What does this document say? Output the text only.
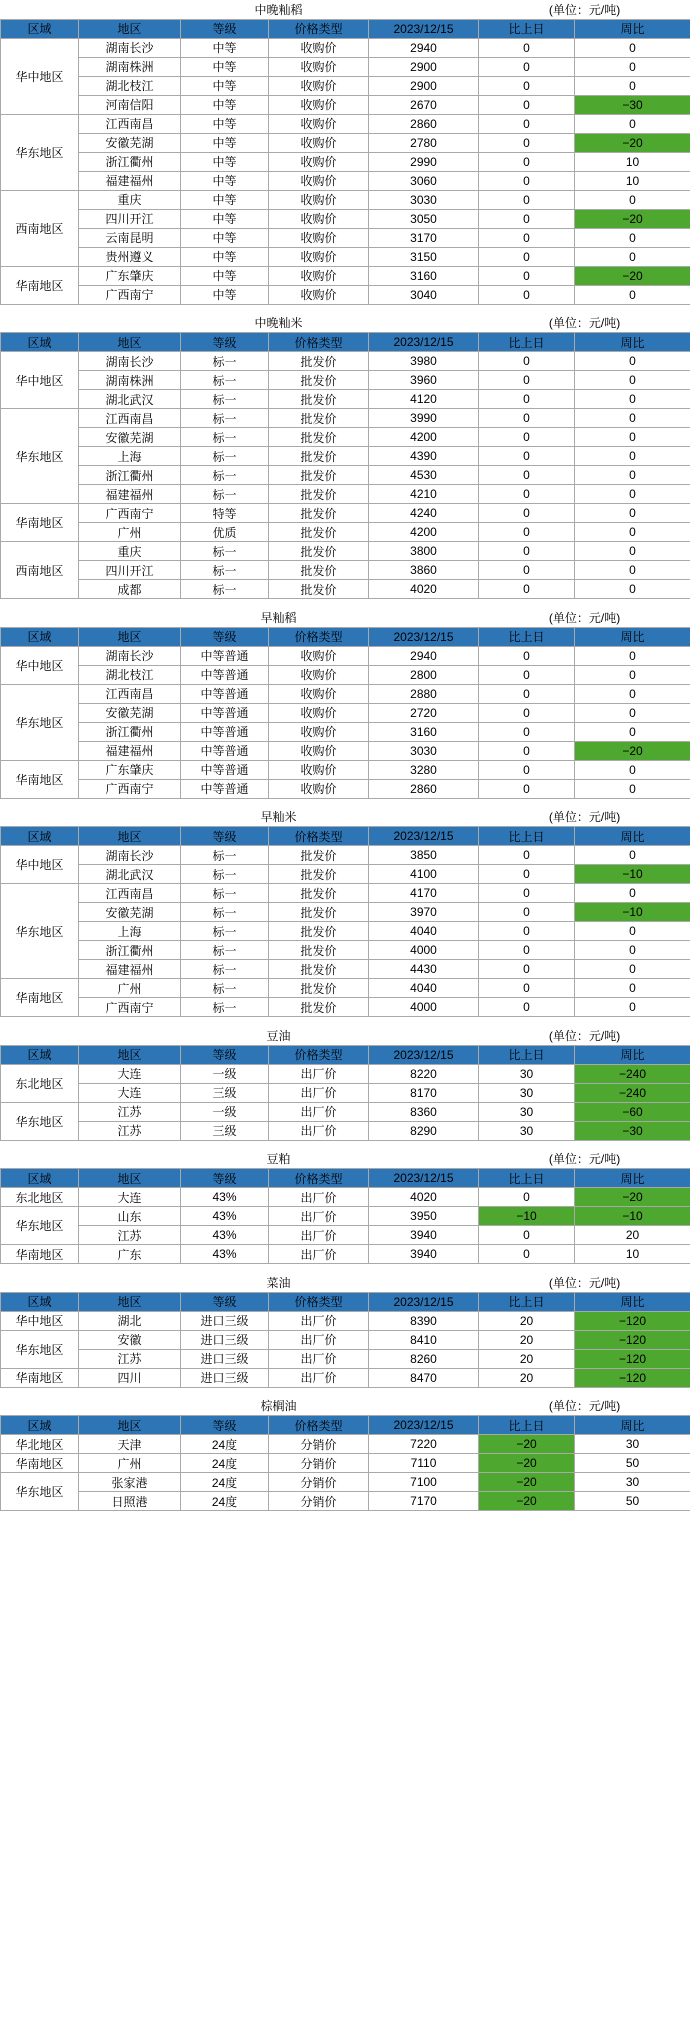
	中晚籼稻				(单位：元/吨)	
区域	地区	等级	价格类型	2023/12/15	比上日	周比
华中地区	湖南长沙	中等	收购价	2940	0	0
	湖南株洲	中等	收购价	2900	0	0
	湖北枝江	中等	收购价	2900	0	0
	河南信阳	中等	收购价	2670	0	−30
华东地区	江西南昌	中等	收购价	2860	0	0
	安徽芜湖	中等	收购价	2780	0	−20
	浙江衢州	中等	收购价	2990	0	10
	福建福州	中等	收购价	3060	0	10
西南地区	重庆	中等	收购价	3030	0	0
	四川开江	中等	收购价	3050	0	−20
	云南昆明	中等	收购价	3170	0	0
	贵州遵义	中等	收购价	3150	0	0
华南地区	广东肇庆	中等	收购价	3160	0	−20
	广西南宁	中等	收购价	3040	0	0
	中晚籼米				(单位：元/吨)	
区域	地区	等级	价格类型	2023/12/15	比上日	周比
华中地区	湖南长沙	标一	批发价	3980	0	0
	湖南株洲	标一	批发价	3960	0	0
	湖北武汉	标一	批发价	4120	0	0
华东地区	江西南昌	标一	批发价	3990	0	0
	安徽芜湖	标一	批发价	4200	0	0
	上海	标一	批发价	4390	0	0
	浙江衢州	标一	批发价	4530	0	0
	福建福州	标一	批发价	4210	0	0
华南地区	广西南宁	特等	批发价	4240	0	0
	广州	优质	批发价	4200	0	0
西南地区	重庆	标一	批发价	3800	0	0
	四川开江	标一	批发价	3860	0	0
	成都	标一	批发价	4020	0	0
	早籼稻				(单位：元/吨)	
区域	地区	等级	价格类型	2023/12/15	比上日	周比
华中地区	湖南长沙	中等普通	收购价	2940	0	0
	湖北枝江	中等普通	收购价	2800	0	0
华东地区	江西南昌	中等普通	收购价	2880	0	0
	安徽芜湖	中等普通	收购价	2720	0	0
	浙江衢州	中等普通	收购价	3160	0	0
	福建福州	中等普通	收购价	3030	0	−20
华南地区	广东肇庆	中等普通	收购价	3280	0	0
	广西南宁	中等普通	收购价	2860	0	0
	早籼米				(单位：元/吨)	
区域	地区	等级	价格类型	2023/12/15	比上日	周比
华中地区	湖南长沙	标一	批发价	3850	0	0
	湖北武汉	标一	批发价	4100	0	−10
华东地区	江西南昌	标一	批发价	4170	0	0
	安徽芜湖	标一	批发价	3970	0	−10
	上海	标一	批发价	4040	0	0
	浙江衢州	标一	批发价	4000	0	0
	福建福州	标一	批发价	4430	0	0
华南地区	广州	标一	批发价	4040	0	0
	广西南宁	标一	批发价	4000	0	0
	豆油				(单位：元/吨)	
区域	地区	等级	价格类型	2023/12/15	比上日	周比
东北地区	大连	一级	出厂价	8220	30	−240
	大连	三级	出厂价	8170	30	−240
华东地区	江苏	一级	出厂价	8360	30	−60
	江苏	三级	出厂价	8290	30	−30
	豆粕				(单位：元/吨)	
区域	地区	等级	价格类型	2023/12/15	比上日	周比
东北地区	大连	43%	出厂价	4020	0	−20
华东地区	山东	43%	出厂价	3950	−10	−10
	江苏	43%	出厂价	3940	0	20
华南地区	广东	43%	出厂价	3940	0	10
	菜油				(单位：元/吨)	
区域	地区	等级	价格类型	2023/12/15	比上日	周比
华中地区	湖北	进口三级	出厂价	8390	20	−120
华东地区	安徽	进口三级	出厂价	8410	20	−120
	江苏	进口三级	出厂价	8260	20	−120
华南地区	四川	进口三级	出厂价	8470	20	−120
	棕榈油				(单位：元/吨)	
区域	地区	等级	价格类型	2023/12/15	比上日	周比
华北地区	天津	24度	分销价	7220	−20	30
华南地区	广州	24度	分销价	7110	−20	50
华东地区	张家港	24度	分销价	7100	−20	30
	日照港	24度	分销价	7170	−20	50
